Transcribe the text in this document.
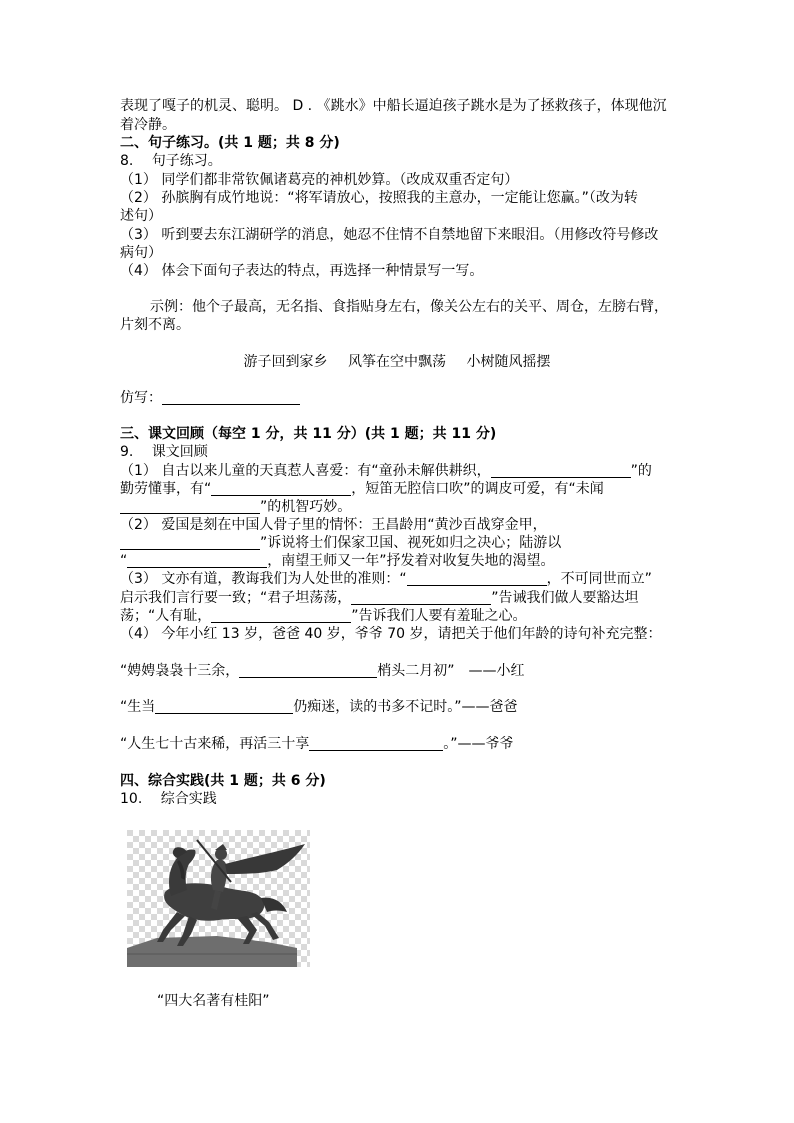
表现了嘎子的机灵、聪明。 D . 《跳水》中船长逼迫孩子跳水是为了拯救孩子，体现他沉
着冷静。
二、句子练习。(共 1 题；共 8 分)
8.　 句子练习。
（1） 同学们都非常钦佩诸葛亮的神机妙算。（改成双重否定句）
（2） 孙膑胸有成竹地说：“将军请放心，按照我的主意办，一定能让您赢。”（改为转
述句）
（3） 听到要去东江湖研学的消息，她忍不住情不自禁地留下来眼泪。（用修改符号修改
病句）
（4） 体会下面句子表达的特点，再选择一种情景写一写。
示例：他个子最高，无名指、食指贴身左右，像关公左右的关平、周仓，左膀右臂，
片刻不离。
游子回到家乡 风筝在空中飘荡 小树随风摇摆
仿写：
三、课文回顾（每空 1 分，共 11 分）(共 1 题；共 11 分)
9.　 课文回顾
（1） 自古以来儿童的天真惹人喜爱：有“童孙未解供耕织，	”的
勤劳懂事，有“	，短笛无腔信口吹”的调皮可爱，有“未闻
”的机智巧妙。
（2） 爱国是刻在中国人骨子里的情怀：王昌龄用“黄沙百战穿金甲，
”诉说将士们保家卫国、视死如归之决心；陆游以
“	，南望王师又一年”抒发着对收复失地的渴望。
（3） 文亦有道，教诲我们为人处世的准则：“	，不可同世而立”
启示我们言行要一致；“君子坦荡荡，	”告诫我们做人要豁达坦
荡；“人有耻，	”告诉我们人要有羞耻之心。
（4） 今年小红 13 岁，爸爸 40 岁，爷爷 70 岁，请把关于他们年龄的诗句补充完整：
“娉娉袅袅十三余，	梢头二月初”　——小红
“生当	仍痴迷，读的书多不记时。”——爸爸
“人生七十古来稀，再活三十享	。”——爷爷
四、综合实践(共 1 题；共 6 分)
10.　 综合实践
“四大名著有桂阳”
